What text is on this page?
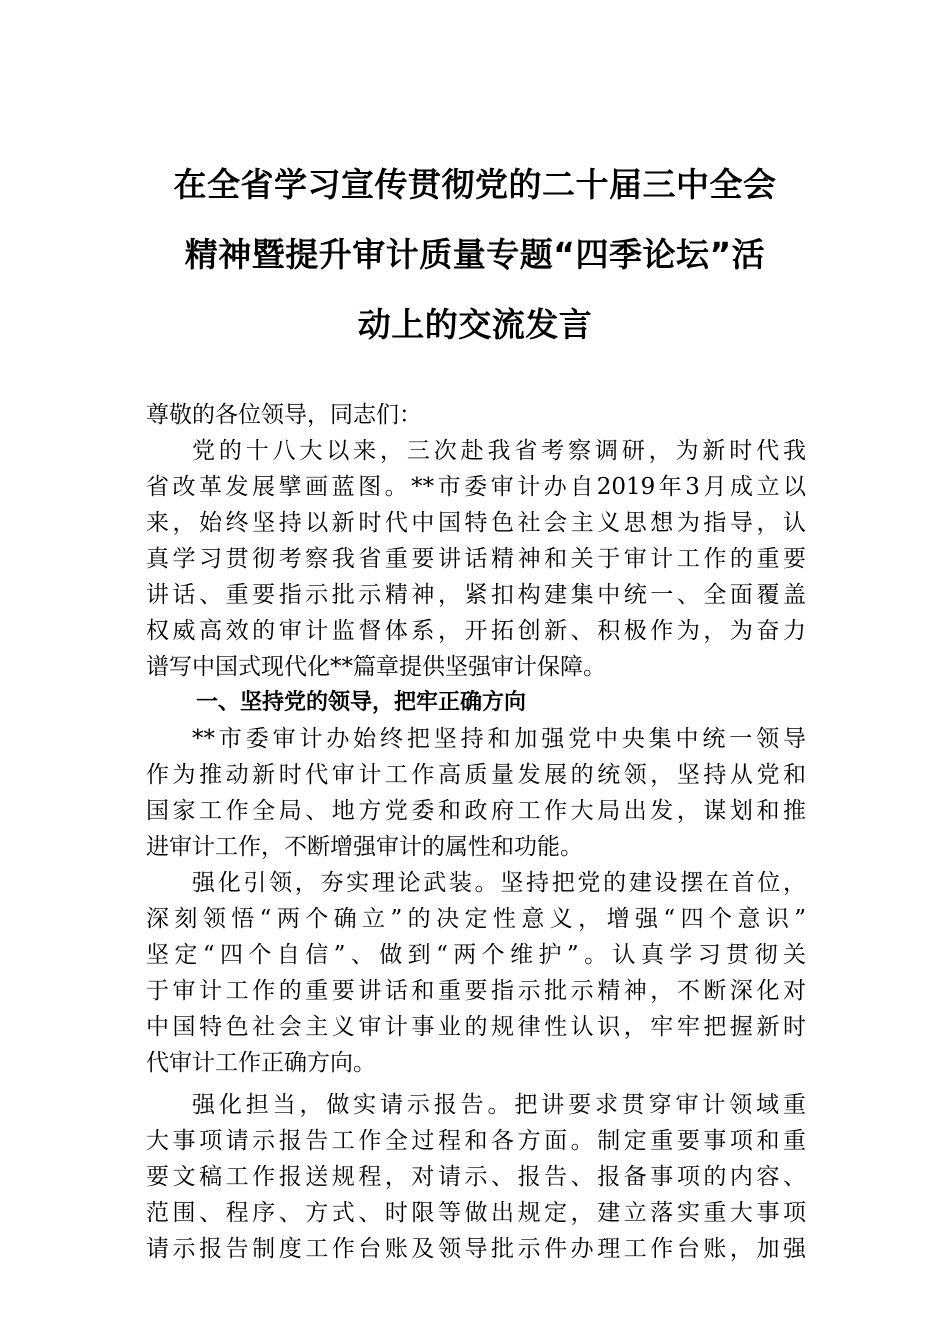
在全省学习宣传贯彻党的二十届三中全会
精神暨提升审计质量专题“四季论坛”活
动上的交流发言
尊敬的各位领导，同志们：
党的十八大以来，三次赴我省考察调研，为新时代我
省改革发展擘画蓝图。**市委审计办自2019年3月成立以
来，始终坚持以新时代中国特色社会主义思想为指导，认
真学习贯彻考察我省重要讲话精神和关于审计工作的重要
讲话、重要指示批示精神，紧扣构建集中统一、全面覆盖
权威高效的审计监督体系，开拓创新、积极作为，为奋力
谱写中国式现代化**篇章提供坚强审计保障。
一、坚持党的领导，把牢正确方向
**市委审计办始终把坚持和加强党中央集中统一领导
作为推动新时代审计工作高质量发展的统领，坚持从党和
国家工作全局、地方党委和政府工作大局出发，谋划和推
进审计工作，不断增强审计的属性和功能。
强化引领，夯实理论武装。坚持把党的建设摆在首位，
深刻领悟“两个确立”的决定性意义，增强“四个意识”
坚定“四个自信”、做到“两个维护”。认真学习贯彻关
于审计工作的重要讲话和重要指示批示精神，不断深化对
中国特色社会主义审计事业的规律性认识，牢牢把握新时
代审计工作正确方向。
强化担当，做实请示报告。把讲要求贯穿审计领域重
大事项请示报告工作全过程和各方面。制定重要事项和重
要文稿工作报送规程，对请示、报告、报备事项的内容、
范围、程序、方式、时限等做出规定，建立落实重大事项
请示报告制度工作台账及领导批示件办理工作台账，加强
